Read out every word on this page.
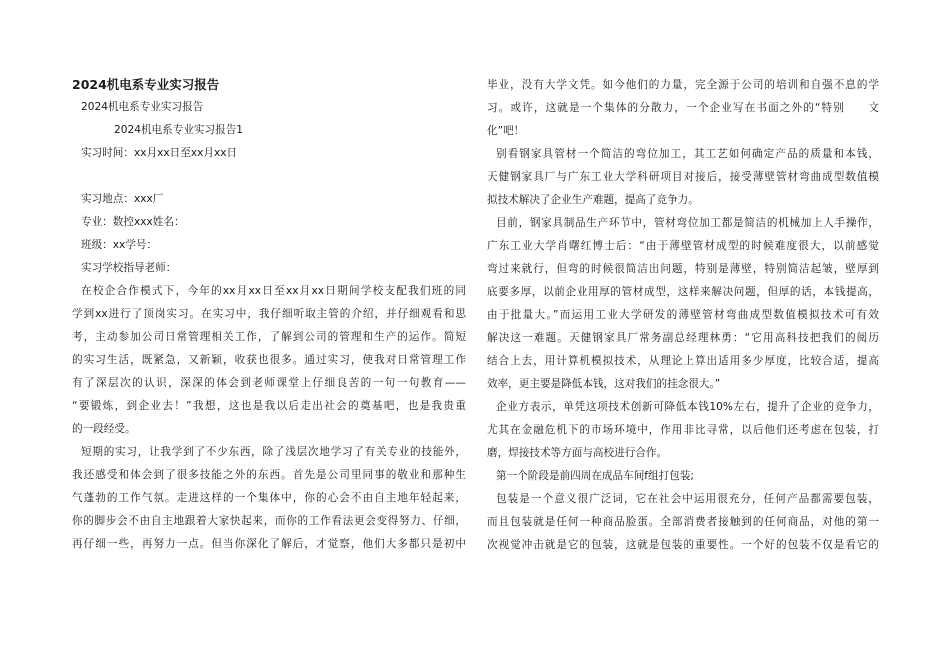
2024机电系专业实习报告
2024机电系专业实习报告
2024机电系专业实习报告1
实习时间：xx月xx日至xx月xx日
实习地点：xxx厂
专业：数控xxx姓名：
班级：xx学号：
实习学校指导老师：
在校企合作模式下，今年的xx月xx日至xx月xx日期间学校支配我们班的同
学到xx进行了顶岗实习。在实习中，我仔细听取主管的介绍，并仔细观看和思
考，主动参加公司日常管理相关工作，了解到公司的管理和生产的运作。简短
的实习生活，既紧急，又新颖，收获也很多。通过实习，使我对日常管理工作
有了深层次的认识，深深的体会到老师课堂上仔细良苦的一句一句教育——
“要锻炼，到企业去！”我想，这也是我以后走出社会的奠基吧，也是我贵重
的一段经受。
短期的实习，让我学到了不少东西，除了浅层次地学习了有关专业的技能外，
我还感受和体会到了很多技能之外的东西。首先是公司里同事的敬业和那种生
气蓬勃的工作气氛。走进这样的一个集体中，你的心会不由自主地年轻起来，
你的脚步会不由自主地跟着大家快起来，而你的工作看法更会变得努力、仔细，
再仔细一些，再努力一点。但当你深化了解后，才觉察，他们大多都只是初中
毕业，没有大学文凭。如今他们的力量，完全源于公司的培训和自强不息的学
习。或许，这就是一个集体的分散力，一个企业写在书面之外的“特别　　文
化”吧！
别看钢家具管材一个简洁的弯位加工，其工艺如何确定产品的质量和本钱，
天健钢家具厂与广东工业大学科研项目对接后，接受薄壁管材弯曲成型数值模
拟技术解决了企业生产难题，提高了竞争力。
目前，钢家具制品生产环节中，管材弯位加工都是简洁的机械加上人手操作，
广东工业大学肖曙红博士后：“由于薄壁管材成型的时候难度很大，以前感觉
弯过来就行，但弯的时候很简洁出问题，特别是薄壁，特别简洁起皱，壁厚到
底要多厚，以前企业用厚的管材成型，这样来解决问题，但厚的话，本钱提高，
由于批量大。”而运用工业大学研发的薄壁管材弯曲成型数值模拟技术可有效
解决这一难题。天健钢家具厂常务副总经理林勇：“它用高科技把我们的阅历
结合上去，用计算机模拟技术，从理论上算出适用多少厚度，比较合适，提高
效率，更主要是降低本钱，这对我们的挂念很大。”
企业方表示，单凭这项技术创新可降低本钱10%左右，提升了企业的竞争力，
尤其在金融危机下的市场环境中，作用非比寻常，以后他们还考虑在包装，打
磨，焊接技术等方面与高校进行合作。
第一个阶段是前四周在成品车间f组打包装;
包装是一个意义很广泛词，它在社会中运用很充分，任何产品都需要包装，
而且包装就是任何一种商品脸蛋。全部消费者接触到的任何商品，对他的第一
次视觉冲击就是它的包装，这就是包装的重要性。一个好的包装不仅是看它的
